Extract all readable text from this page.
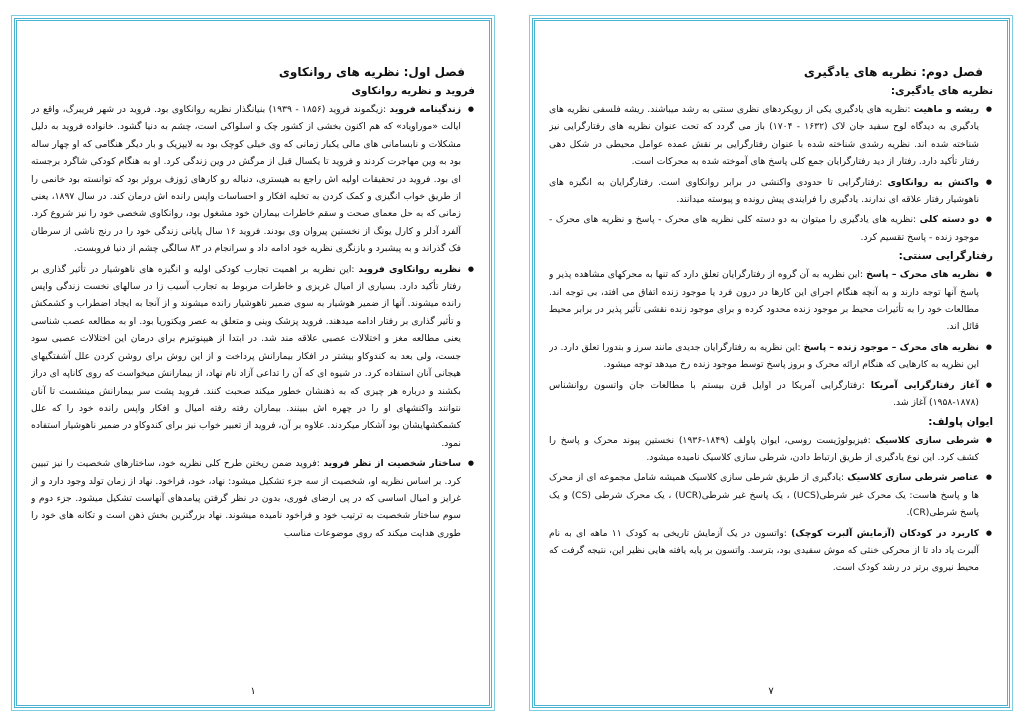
فصل اول: نظریه های روانکاوی
فروید و نظریه روانکاوی
● زندگینامه فروید :زیگموند فروید (۱۸۵۶ - ۱۹۳۹) بنیانگذار نظریه روانکاوی بود. فروید در شهر فریبرگ، واقع در ایالت «موراویاد» که هم اکنون بخشی از کشور چک و اسلواکی است، چشم به دنیا گشود. خانواده فروید به دلیل مشکلات و نابسامانی های مالی یکبار زمانی که وی خیلی کوچک بود به لایپزیک و بار دیگر هنگامی که او چهار ساله بود به وین مهاجرت کردند و فروید تا یکسال قبل از مرگش در وین زندگی کرد. او به هنگام کودکی شاگرد برجسته ای بود. فروید در تحقیقات اولیه اش راجع به هیستری، دنباله رو کارهای ژوزف بروئر بود که توانسته بود خانمی را از طریق خواب انگیزی و کمک کردن به تخلیه افکار و احساسات واپس رانده اش درمان کند. در سال ۱۸۹۷، یعنی زمانی که به حل معمای صحت و سقم خاطرات بیماران خود مشغول بود، روانکاوی شخصی خود را نیز شروع کرد. آلفرد آدلر و کارل یونگ از نخستین پیروان وی بودند. فروید ۱۶ سال پایانی زندگی خود را در رنج ناشی از سرطان فک گذراند و به پیشبرد و بازنگری نظریه خود ادامه داد و سرانجام در ۸۳ سالگی چشم از دنیا فروبست.
● نظریه روانکاوی فروید :این نظریه بر اهمیت تجارب کودکی اولیه و انگیزه های ناهوشیار در تأثیر گذاری بر رفتار تأکید دارد. بسیاری از امیال غریزی و خاطرات مربوط به تجارب آسیب زا در سالهای نخست زندگی واپس رانده میشوند. آنها از ضمیر هوشیار به سوی ضمیر ناهوشیار رانده میشوند و از آنجا به ایجاد اضطراب و کشمکش و تأثیر گذاری بر رفتار ادامه میدهند. فروید پزشک وینی و متعلق به عصر ویکتوریا بود. او به مطالعه عصب شناسی یعنی مطالعه مغز و اختلالات عصبی علاقه مند شد. در ابتدا از هیپنوتیزم برای درمان این اختلالات عصبی سود جست، ولی بعد به کندوکاو بیشتر در افکار بیمارانش پرداخت و از این روش برای روشن کردن علل آشفتگیهای هیجانی آنان استفاده کرد. در شیوه ای که آن را تداعی آزاد نام نهاد، از بیمارانش میخواست که روی کاناپه ای دراز بکشند و درباره هر چیزی که به ذهنشان خطور میکند صحبت کنند. فروید پشت سر بیمارانش مینشست تا آنان نتوانند واکنشهای او را در چهره اش ببینند. بیماران رفته رفته امیال و افکار واپس رانده خود را که علل کشمکشهایشان بود آشکار میکردند. علاوه بر آن، فروید از تعبیر خواب نیز برای کندوکاو در ضمیر ناهوشیار استفاده نمود.
● ساختار شخصیت از نظر فروید :فروید ضمن ریختن طرح کلی نظریه خود، ساختارهای شخصیت را نیز تبیین کرد. بر اساس نظریه او، شخصیت از سه جزء تشکیل میشود: نهاد، خود، فراخود. نهاد از زمان تولد وجود دارد و از غرایز و امیال اساسی که در پی ارضای فوری، بدون در نظر گرفتن پیامدهای آنهاست تشکیل میشود. جزء دوم و سوم ساختار شخصیت به ترتیب خود و فراخود نامیده میشوند. نهاد بزرگترین بخش ذهن است و تکانه های خود را طوری هدایت میکند که روی موضوعات مناسب
۱
فصل دوم: نظریه های یادگیری
نظریه های یادگیری:
● ریشه و ماهیت :نظریه های یادگیری یکی از رویکردهای نظری سنتی به رشد میباشند. ریشه فلسفی نظریه های یادگیری به دیدگاه لوح سفید جان لاک (۱۶۳۲ - ۱۷۰۴) باز می گردد که تحت عنوان نظریه های رفتارگرایی نیز شناخته شده اند. نظریه رشدی شناخته شده با عنوان رفتارگرایی بر نقش عمده عوامل محیطی در شکل دهی رفتار تأکید دارد. رفتار از دید رفتارگرایان جمع کلی پاسخ های آموخته شده به محرکات است.
● واکنش به روانکاوی :رفتارگرایی تا حدودی واکنشی در برابر روانکاوی است. رفتارگرایان به انگیزه های ناهوشیار رفتار علاقه ای ندارند. یادگیری را فرایندی پیش رونده و پیوسته میدانند.
● دو دسته کلی :نظریه های یادگیری را میتوان به دو دسته کلی نظریه های محرک - پاسخ و نظریه های محرک - موجود زنده - پاسخ تقسیم کرد.
رفتارگرایی سنتی:
● نظریه های محرک – پاسخ :این نظریه به آن گروه از رفتارگرایان تعلق دارد که تنها به محرکهای مشاهده پذیر و پاسخ آنها توجه دارند و به آنچه هنگام اجرای این کارها در درون فرد یا موجود زنده اتفاق می افتد، بی توجه اند. مطالعات خود را به تأثیرات محیط بر موجود زنده محدود کرده و برای موجود زنده نقشی تأثیر پذیر در برابر محیط قائل اند.
● نظریه های محرک – موجود زنده – پاسخ :این نظریه به رفتارگرایان جدیدی مانند سرز و بندورا تعلق دارد. در این نظریه به کارهایی که هنگام ارائه محرک و بروز پاسخ توسط موجود زنده رخ میدهد توجه میشود.
● آغاز رفتارگرایی آمریکا :رفتارگرایی آمریکا در اوایل قرن بیستم با مطالعات جان واتسون روانشناس (۱۸۷۸-۱۹۵۸) آغاز شد.
ایوان پاولف:
● شرطی سازی کلاسیک :فیزیولوژیست روسی، ایوان پاولف (۱۸۴۹-۱۹۳۶) نخستین پیوند محرک و پاسخ را کشف کرد. این نوع یادگیری از طریق ارتباط دادن، شرطی سازی کلاسیک نامیده میشود.
● عناصر شرطی سازی کلاسیک :یادگیری از طریق شرطی سازی کلاسیک همیشه شامل مجموعه ای از محرک ها و پاسخ هاست: یک محرک غیر شرطی(UCS) ، یک پاسخ غیر شرطی(UCR) ، یک محرک شرطی (CS) و یک پاسخ شرطی(CR).
● کاربرد در کودکان (آزمایش آلبرت کوچک) :واتسون در یک آزمایش تاریخی به کودک ۱۱ ماهه ای به نام آلبرت یاد داد تا از محرکی خنثی که موش سفیدی بود، بترسد. واتسون بر پایه یافته هایی نظیر این، نتیجه گرفت که محیط نیروی برتر در رشد کودک است.
۷
